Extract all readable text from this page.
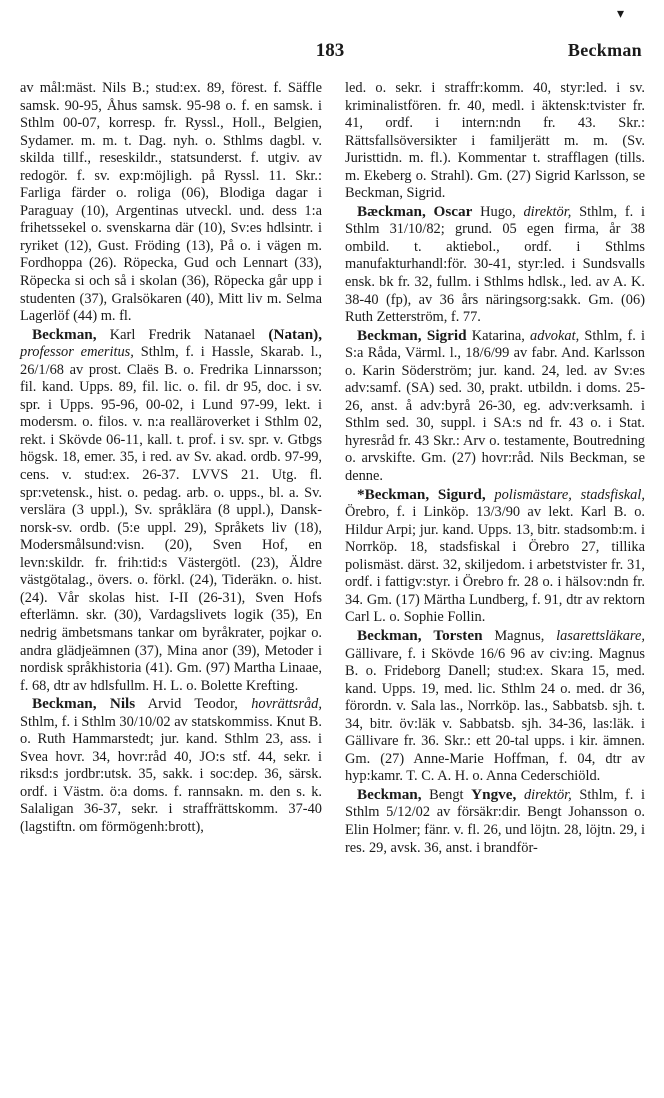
▾
183	Beckman

av mål:mäst. Nils B.; stud:ex. 89, förest. f. Säffle samsk. 90-95, Åhus samsk. 95-98 o. f. en samsk. i Sthlm 00-07, korresp. fr. Ryssl., Holl., Belgien, Sydamer. m. m. t. Dag. nyh. o. Sthlms dagbl. v. skilda tillf., reseskildr., statsunderst. f. utgiv. av redogör. f. sv. exp:möjligh. på Ryssl. 11. Skr.: Farliga färder o. roliga (06), Blodiga dagar i Paraguay (10), Argentinas utveckl. und. dess 1:a frihetssekel o. svenskarna där (10), Sv:es hdlsintr. i ryriket (12), Gust. Fröding (13), På o. i vägen m. Fordhoppa (26). Röpecka, Gud och Lennart (33), Röpecka si och så i skolan (36), Röpecka går upp i studenten (37), Gralsökaren (40), Mitt liv m. Selma Lagerlöf (44) m. fl.

Beckman, Karl Fredrik Natanael (Natan), professor emeritus, Sthlm, f. i Hassle, Skarab. l., 26/1/68 av prost. Claës B. o. Fredrika Linnarsson; fil. kand. Upps. 89, fil. lic. o. fil. dr 95, doc. i sv. spr. i Upps. 95-96, 00-02, i Lund 97-99, lekt. i modersm. o. filos. v. n:a realläroverket i Sthlm 02, rekt. i Skövde 06-11, kall. t. prof. i sv. spr. v. Gtbgs högsk. 18, emer. 35, i red. av Sv. akad. ordb. 97-99, cens. v. stud:ex. 26-37. LVVS 21. Utg. fl. spr:vetensk., hist. o. pedag. arb. o. upps., bl. a. Sv. verslära (3 uppl.), Sv. språklära (8 uppl.), Dansk-norsk-sv. ordb. (5:e uppl. 29), Språkets liv (18), Modersmålsund:visn. (20), Sven Hof, en levn:skildr. fr. frih:tid:s Västergötl. (23), Äldre västgötalag., övers. o. förkl. (24), Tideräkn. o. hist. (24). Vår skolas hist. I-II (26-31), Sven Hofs efterlämn. skr. (30), Vardagslivets logik (35), En nedrig ämbetsmans tankar om byråkrater, pojkar o. andra glädjeämnen (37), Mina anor (39), Metoder i nordisk språkhistoria (41). Gm. (97) Martha Linaae, f. 68, dtr av hdlsfullm. H. L. o. Bolette Krefting.

Beckman, Nils Arvid Teodor, hovrättsråd, Sthlm, f. i Sthlm 30/10/02 av statskommiss. Knut B. o. Ruth Hammarstedt; jur. kand. Sthlm 23, ass. i Svea hovr. 34, hovr:råd 40, JO:s stf. 44, sekr. i riksd:s jordbr:utsk. 35, sakk. i soc:dep. 36, särsk. ordf. i Västm. ö:a doms. f. rannsakn. m. den s. k. Salaligan 36-37, sekr. i straffrättskomm. 37-40 (lagstiftn. om förmögenh:brott),

led. o. sekr. i straffr:komm. 40, styr:led. i sv. kriminalistfören. fr. 40, medl. i äktensk:tvister fr. 41, ordf. i intern:ndn fr. 43. Skr.: Rättsfallsöversikter i familjerätt m. m. (Sv. Juristtidn. m. fl.). Kommentar t. strafflagen (tills. m. Ekeberg o. Strahl). Gm. (27) Sigrid Karlsson, se Beckman, Sigrid.

Bæckman, Oscar Hugo, direktör, Sthlm, f. i Sthlm 31/10/82; grund. 05 egen firma, år 38 ombild. t. aktiebol., ordf. i Sthlms manufakturhandl:för. 30-41, styr:led. i Sundsvalls ensk. bk fr. 32, fullm. i Sthlms hdlsk., led. av A. K. 38-40 (fp), av 36 års näringsorg:sakk. Gm. (06) Ruth Zetterström, f. 77.

Beckman, Sigrid Katarina, advokat, Sthlm, f. i S:a Råda, Värml. l., 18/6/99 av fabr. And. Karlsson o. Karin Söderström; jur. kand. 24, led. av Sv:es adv:samf. (SA) sed. 30, prakt. utbildn. i doms. 25-26, anst. å adv:byrå 26-30, eg. adv:verksamh. i Sthlm sed. 30, suppl. i SA:s nd fr. 43 o. i Stat. hyresråd fr. 43 Skr.: Arv o. testamente, Boutredning o. arvskifte. Gm. (27) hovr:råd. Nils Beckman, se denne.

*Beckman, Sigurd, polismästare, stadsfiskal, Örebro, f. i Linköp. 13/3/90 av lekt. Karl B. o. Hildur Arpi; jur. kand. Upps. 13, bitr. stadsomb:m. i Norrköp. 18, stadsfiskal i Örebro 27, tillika polismäst. därst. 32, skiljedom. i arbetstvister fr. 31, ordf. i fattigv:styr. i Örebro fr. 28 o. i hälsov:ndn fr. 34. Gm. (17) Märtha Lundberg, f. 91, dtr av rektorn Carl L. o. Sophie Follin.

Beckman, Torsten Magnus, lasarettsläkare, Gällivare, f. i Skövde 16/6 96 av civ:ing. Magnus B. o. Frideborg Danell; stud:ex. Skara 15, med. kand. Upps. 19, med. lic. Sthlm 24 o. med. dr 36, förordn. v. Sala las., Norrköp. las., Sabbatsb. sjh. t. 34, bitr. öv:läk v. Sabbatsb. sjh. 34-36, las:läk. i Gällivare fr. 36. Skr.: ett 20-tal upps. i kir. ämnen. Gm. (27) Anne-Marie Hoffman, f. 04, dtr av hyp:kamr. T. C. A. H. o. Anna Cederschiöld.

Beckman, Bengt Yngve, direktör, Sthlm, f. i Sthlm 5/12/02 av försäkr:dir. Bengt Johansson o. Elin Holmer; fänr. v. fl. 26, und löjtn. 28, löjtn. 29, i res. 29, avsk. 36, anst. i brandför-
